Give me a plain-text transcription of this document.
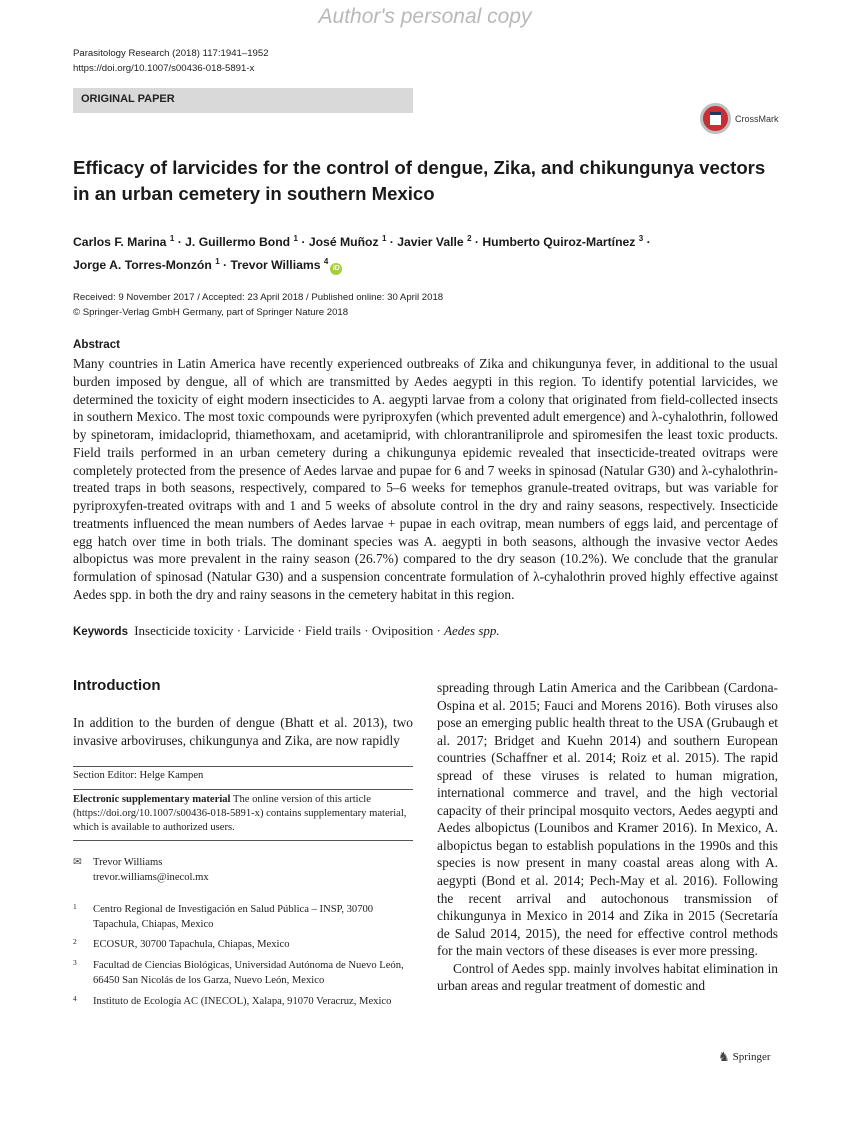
Author's personal copy
Parasitology Research (2018) 117:1941–1952
https://doi.org/10.1007/s00436-018-5891-x
ORIGINAL PAPER
CrossMark
Efficacy of larvicides for the control of dengue, Zika, and chikungunya vectors in an urban cemetery in southern Mexico
Carlos F. Marina $^1$ · J. Guillermo Bond $^1$ · José Muñoz $^1$ · Javier Valle $^2$ · Humberto Quiroz-Martínez $^3$ ·
Jorge A. Torres-Monzón $^1$ · Trevor Williams $^4$iD
Received: 9 November 2017 / Accepted: 23 April 2018 / Published online: 30 April 2018
© Springer-Verlag GmbH Germany, part of Springer Nature 2018
Abstract

Many countries in Latin America have recently experienced outbreaks of Zika and chikungunya fever, in additional to the usual burden imposed by dengue, all of which are transmitted by Aedes aegypti in this region. To identify potential larvicides, we determined the toxicity of eight modern insecticides to A. aegypti larvae from a colony that originated from field-collected insects in southern Mexico. The most toxic compounds were pyriproxyfen (which prevented adult emergence) and λ-cyhalothrin, followed by spinetoram, imidacloprid, thiamethoxam, and acetamiprid, with chlorantraniliprole and spiromesifen the least toxic products. Field trails performed in an urban cemetery during a chikungunya epidemic revealed that insecticide-treated ovitraps were completely protected from the presence of Aedes larvae and pupae for 6 and 7 weeks in spinosad (Natular G30) and λ-cyhalothrin-treated traps in both seasons, respectively, compared to 5–6 weeks for temephos granule-treated ovitraps, but was variable for pyriproxyfen-treated ovitraps with and 1 and 5 weeks of absolute control in the dry and rainy seasons, respectively. Insecticide treatments influenced the mean numbers of Aedes larvae + pupae in each ovitrap, mean numbers of eggs laid, and percentage of egg hatch over time in both trials. The dominant species was A. aegypti in both seasons, although the invasive vector Aedes albopictus was more prevalent in the rainy season (26.7%) compared to the dry season (10.2%). We conclude that the granular formulation of spinosad (Natular G30) and a suspension concentrate formulation of λ-cyhalothrin proved highly effective against Aedes spp. in both the dry and rainy seasons in the cemetery habitat in this region.

Keywords Insecticide toxicity · Larvicide · Field trails · Oviposition · Aedes spp.
Introduction

In addition to the burden of dengue (Bhatt et al. 2013), two invasive arboviruses, chikungunya and Zika, are now rapidly

Section Editor: Helge Kampen
Electronic supplementary material The online version of this article (https://doi.org/10.1007/s00436-018-5891-x) contains supplementary material, which is available to authorized users.
✉ Trevor Williams
trevor.williams@inecol.mx
1	Centro Regional de Investigación en Salud Pública – INSP, 30700 Tapachula, Chiapas, Mexico
2	ECOSUR, 30700 Tapachula, Chiapas, Mexico
3	Facultad de Ciencias Biológicas, Universidad Autónoma de Nuevo León, 66450 San Nicolás de los Garza, Nuevo León, Mexico
4	Instituto de Ecología AC (INECOL), Xalapa, 91070 Veracruz, Mexico

spreading through Latin America and the Caribbean (Cardona-Ospina et al. 2015; Fauci and Morens 2016). Both viruses also pose an emerging public health threat to the USA (Grubaugh et al. 2017; Bridget and Kuehn 2014) and southern European countries (Schaffner et al. 2014; Roiz et al. 2015). The rapid spread of these viruses is related to human migration, international commerce and travel, and the high vectorial capacity of their principal mosquito vectors, Aedes aegypti and Aedes albopictus (Lounibos and Kramer 2016). In Mexico, A. albopictus began to establish populations in the 1990s and this species is now present in many coastal areas along with A. aegypti (Bond et al. 2014; Pech-May et al. 2016). Following the recent arrival and autochonous transmission of chikungunya in Mexico in 2014 and Zika in 2015 (Secretaría de Salud 2014, 2015), the need for effective control methods for the main vectors of these diseases is ever more pressing.

Control of Aedes spp. mainly involves habitat elimination in urban areas and regular treatment of domestic and

♞ Springer
